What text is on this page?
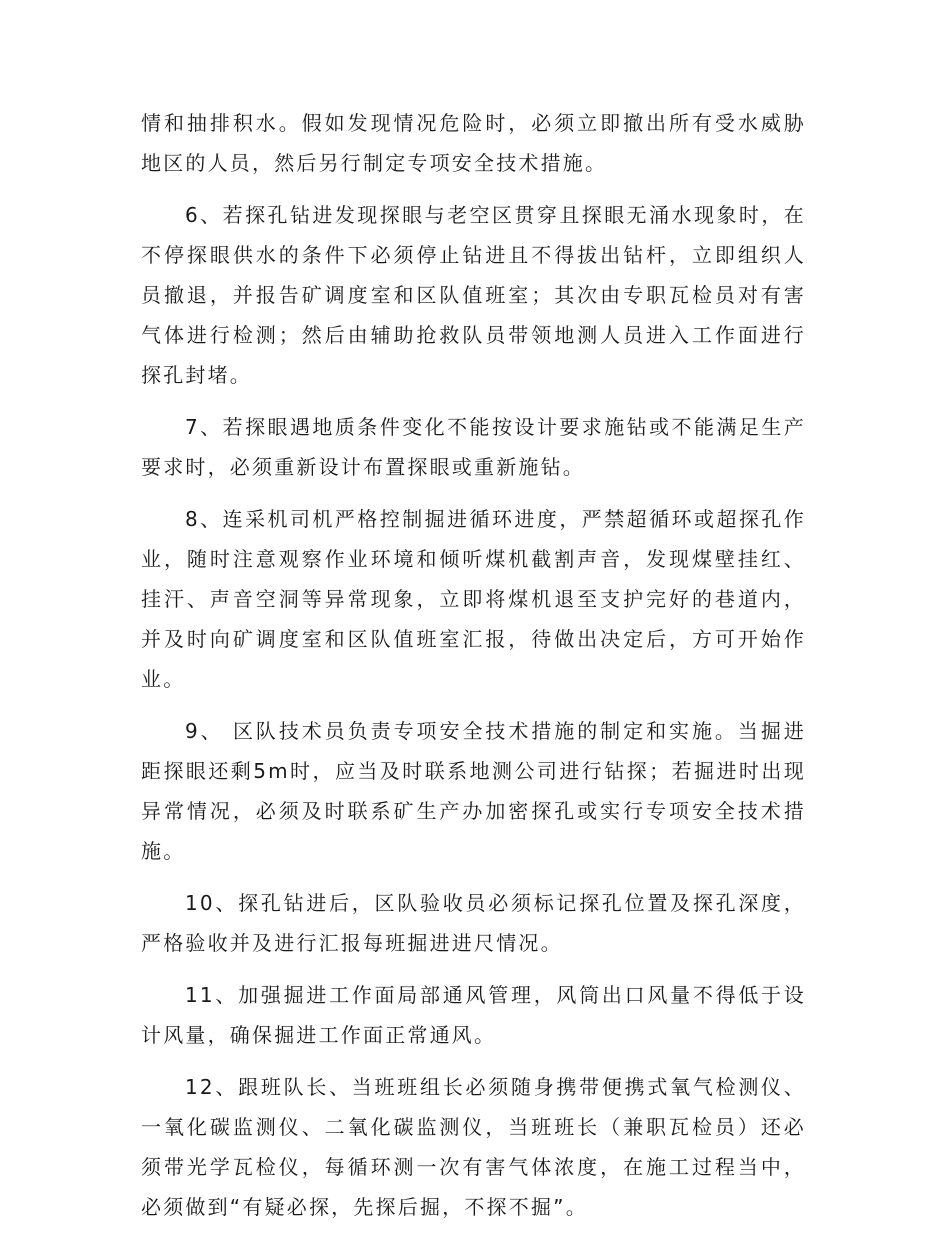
情和抽排积水。假如发现情况危险时，必须立即撤出所有受水威胁地区的人员，然后另行制定专项安全技术措施。

6、若探孔钻进发现探眼与老空区贯穿且探眼无涌水现象时，在不停探眼供水的条件下必须停止钻进且不得拔出钻杆，立即组织人员撤退，并报告矿调度室和区队值班室；其次由专职瓦检员对有害气体进行检测；然后由辅助抢救队员带领地测人员进入工作面进行探孔封堵。

7、若探眼遇地质条件变化不能按设计要求施钻或不能满足生产要求时，必须重新设计布置探眼或重新施钻。

8、连采机司机严格控制掘进循环进度，严禁超循环或超探孔作业，随时注意观察作业环境和倾听煤机截割声音，发现煤壁挂红、挂汗、声音空洞等异常现象，立即将煤机退至支护完好的巷道内，并及时向矿调度室和区队值班室汇报，待做出决定后，方可开始作业。

9、 区队技术员负责专项安全技术措施的制定和实施。当掘进距探眼还剩5m时，应当及时联系地测公司进行钻探；若掘进时出现异常情况，必须及时联系矿生产办加密探孔或实行专项安全技术措施。

10、探孔钻进后，区队验收员必须标记探孔位置及探孔深度，严格验收并及进行汇报每班掘进进尺情况。

11、加强掘进工作面局部通风管理，风筒出口风量不得低于设计风量，确保掘进工作面正常通风。

12、跟班队长、当班班组长必须随身携带便携式氧气检测仪、一氧化碳监测仪、二氧化碳监测仪，当班班长（兼职瓦检员）还必须带光学瓦检仪，每循环测一次有害气体浓度，在施工过程当中，必须做到“有疑必探，先探后掘，不探不掘”。
